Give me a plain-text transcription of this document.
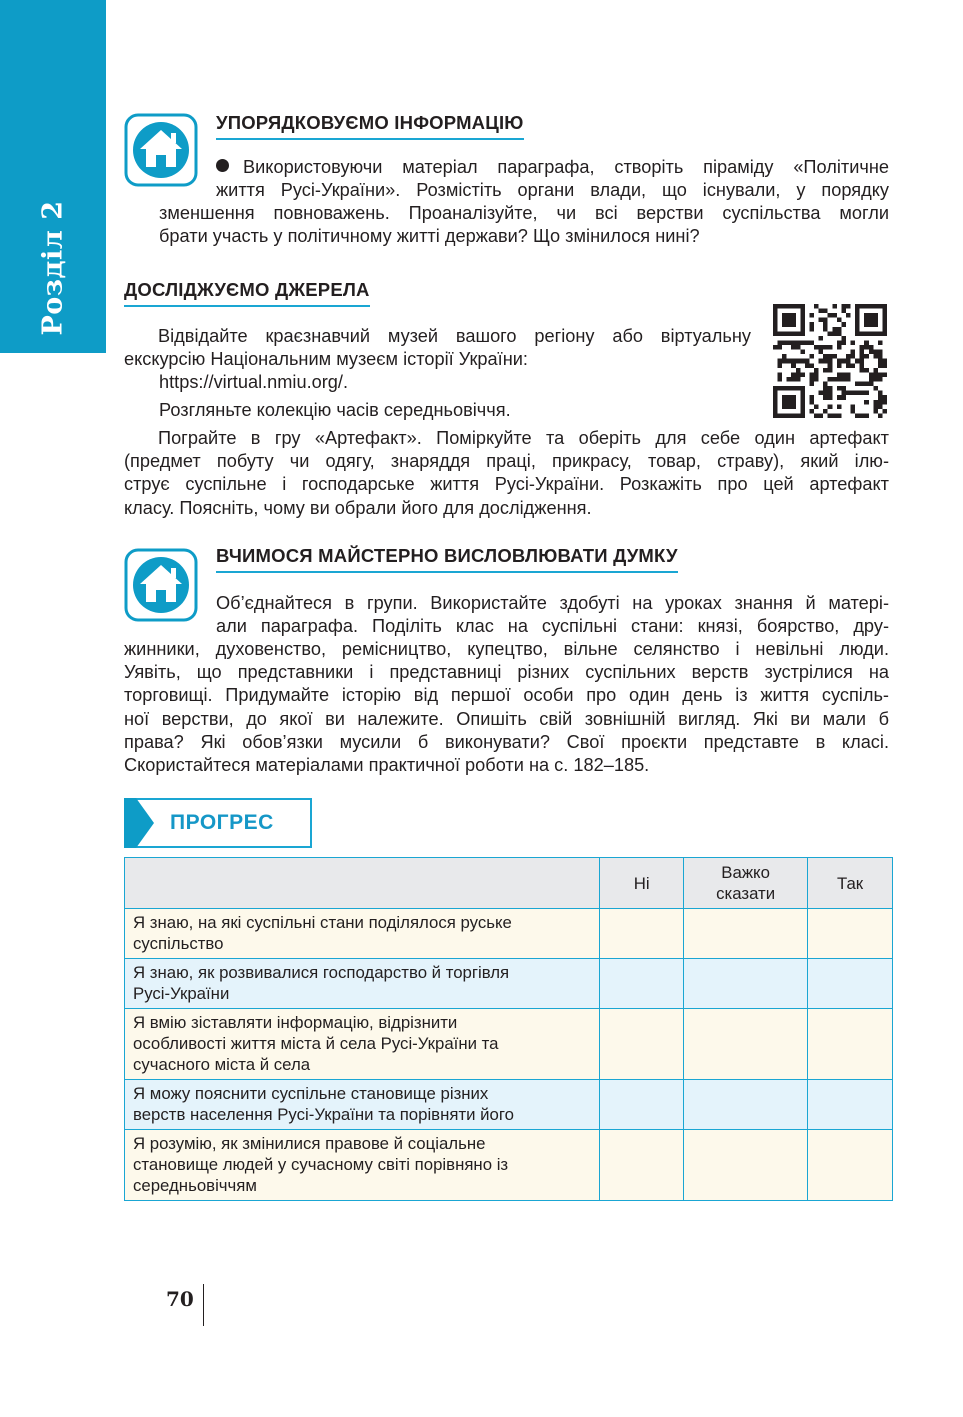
Розділ 2
УПОРЯДКОВУЄМО ІНФОРМАЦІЮ
Використовуючи матеріал параграфа, створіть піраміду «Політичне
життя Русі-України». Розмістіть органи влади, що існували, у порядку
зменшення повноважень. Проаналізуйте, чи всі верстви суспільства могли
брати участь у політичному житті держави? Що змінилося нині?
ДОСЛІДЖУЄМО ДЖЕРЕЛА
Відвідайте краєзнавчий музей вашого регіону або віртуальну
екскурсію Національним музеєм історії України:
https://virtual.nmiu.org/.
Розгляньте колекцію часів середньовіччя.
Пограйте в гру «Артефакт». Поміркуйте та оберіть для себе один артефакт
(предмет побуту чи одягу, знаряддя праці, прикрасу, товар, страву), який ілю-
струє суспільне і господарське життя Русі-України. Розкажіть про цей артефакт
класу. Поясніть, чому ви обрали його для дослідження.
ВЧИМОСЯ МАЙСТЕРНО ВИСЛОВЛЮВАТИ ДУМКУ
Об’єднайтеся в групи. Використайте здобуті на уроках знання й матері-
али параграфа. Поділіть клас на суспільні стани: князі, боярство, дру-
жинники, духовенство, ремісництво, купецтво, вільне селянство і невільні люди.
Уявіть, що представники і представниці різних суспільних верств зустрілися на
торговищі. Придумайте історію від першої особи про один день із життя суспіль-
ної верстви, до якої ви належите. Опишіть свій зовнішній вигляд. Які ви мали б
права? Які обов’язки мусили б виконувати? Свої проєкти представте в класі.
Скористайтеся матеріалами практичної роботи на с. 182–185.
ПРОГРЕС
	Ні	Важко сказати	Так

Я знаю, на які суспільні стани поділялося руське
суспільство			

Я знаю, як розвивалися господарство й торгівля
Русі-України			

Я вмію зіставляти інформацію, відрізнити
особливості життя міста й села Русі-України та
сучасного міста й села			

Я можу пояснити суспільне становище різних
верств населення Русі-України та порівняти його			

Я розумію, як змінилися правове й соціальне
становище людей у сучасному світі порівняно із
середньовіччям			

70
